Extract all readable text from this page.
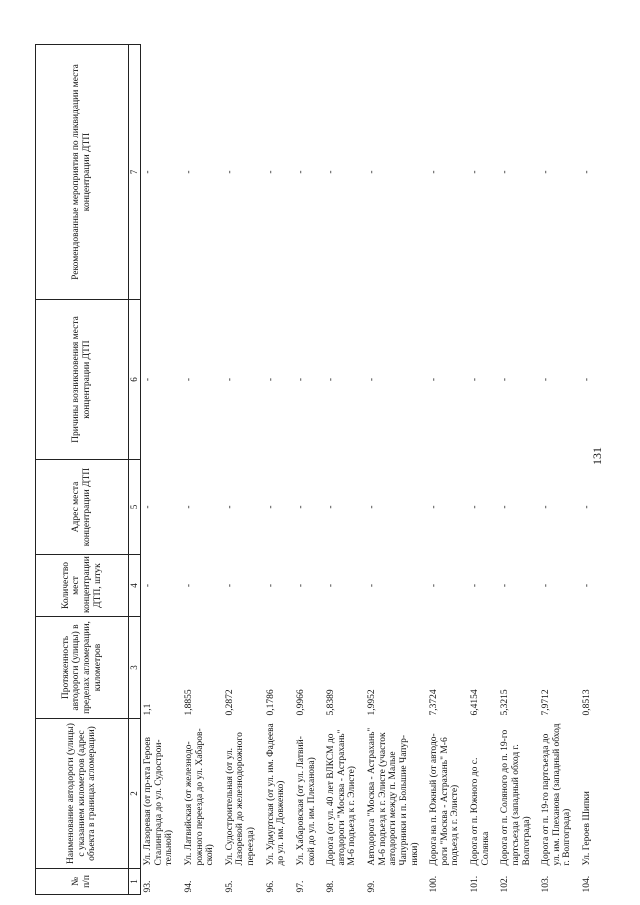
131
№ п/п	Наименование автодороги (улицы) с указанием километров (адрес объекта в границах агломерации)	Протяженность автодороги (улицы) в пределах агломерации, километров	Количество мест концентрации ДТП, штук	Адрес места концентрации ДТП	Причины возникновения места концентрации ДТП	Рекомендованные мероприятия по ликвидации места концентрации ДТП
1	2	3	4	5	6	7
93.	Ул. Лазоревая (от пр-кта Героев Сталинграда до ул. Судострои-тельной)	1,1	-	-	-	-
94.	Ул. Латвийская (от железнодо-рожного переезда до ул. Хабаров-ской)	1,8855	-	-	-	-
95.	Ул. Судостроительная (от ул. Лазоревой до железнодорожного переезда)	0,2872	-	-	-	-
96.	Ул. Удмуртская (от ул. им. Фадеева до ул. им. Довженко)	0,1786	-	-	-	-
97.	Ул. Хабаровская (от ул. Латвий-ской до ул. им. Плеханова)	0,9966	-	-	-	-
98.	Дорога (от ул. 40 лет ВЛКСМ до автодороги "Москва - Астрахань" М-6 подъезд к г. Элисте)	5,8389	-	-	-	-
99.	Автодорога "Москва - Астрахань" М-6 подъезд к г. Элисте (участок автодороги между п. Малые Чапурники и п. Большие Чапур-ники)	1,9952	-	-	-	-
100.	Дорога на п. Южный (от автодо-роги "Москва - Астрахань" М-6 подъезд к г. Элисте)	7,3724	-	-	-	-
101.	Дорога от п. Южного до с. Солянка	6,4154	-	-	-	-
102.	Дорога от п. Соляного до п. 19-го партсъезда (западный обход г. Волгограда)	5,3215	-	-	-	-
103.	Дорога от п. 19-го партсъезда до ул. им. Плеханова (западный обход г. Волгограда)	7,9712	-	-	-	-
104.	Ул. Героев Шипки	0,8513	-	-	-	-
